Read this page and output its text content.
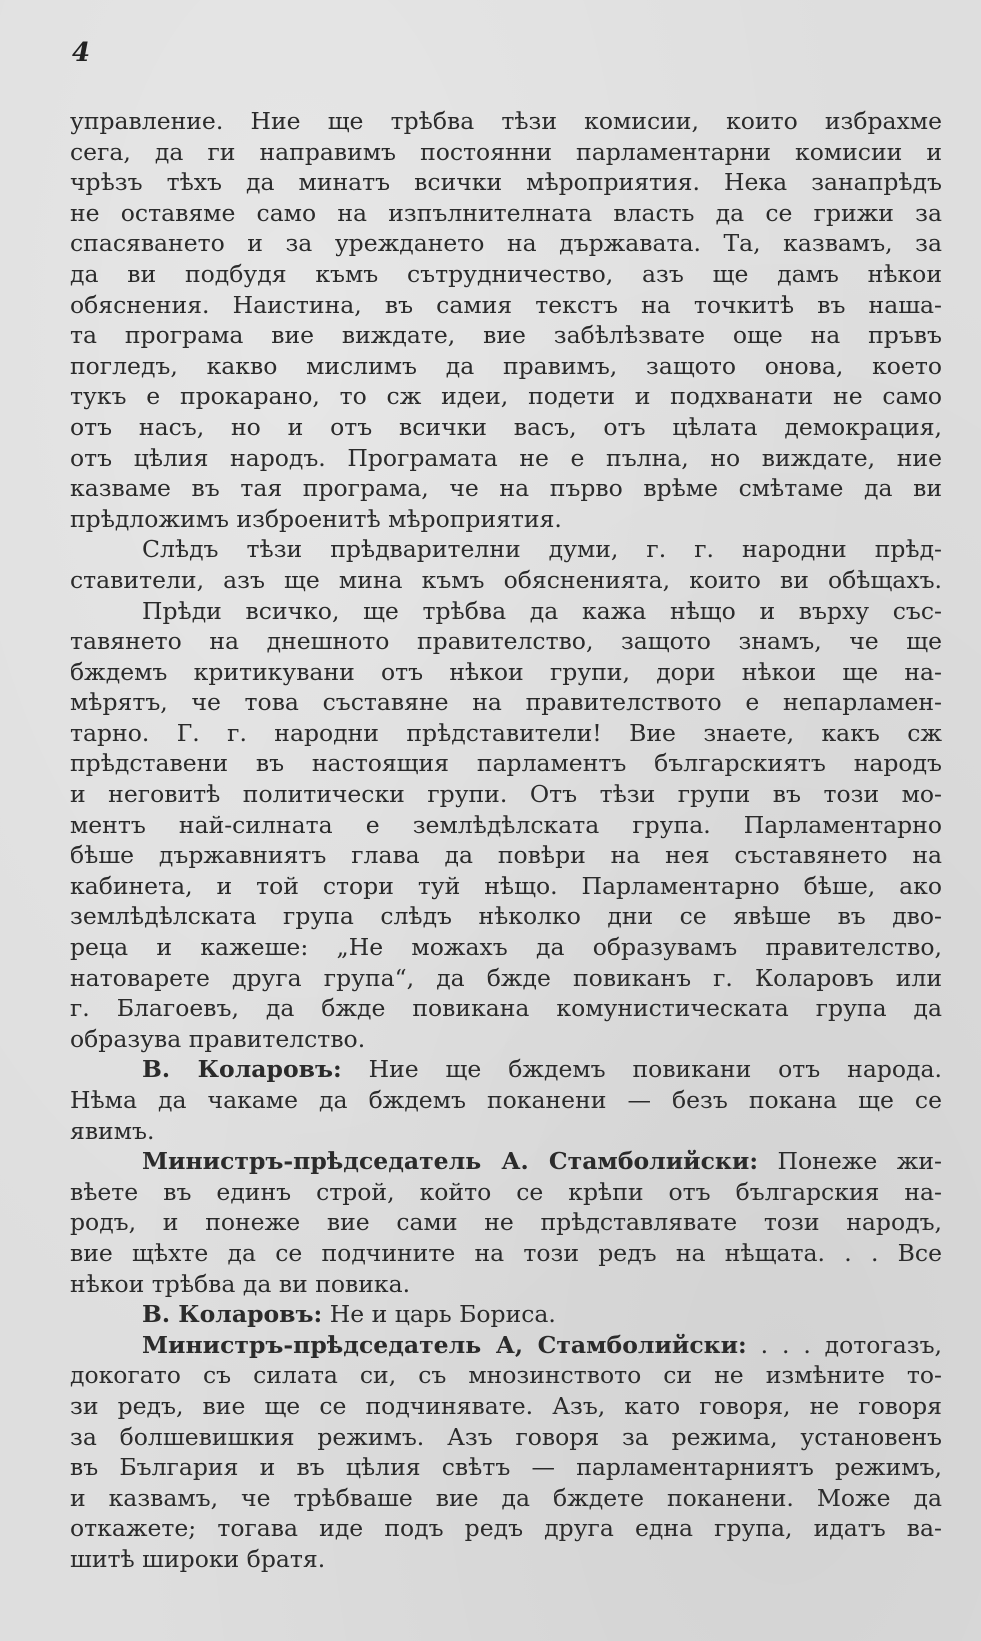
4
управление. Ние ще трѣбва тѣзи комисии, които избрахме
сега, да ги направимъ постоянни парламентарни комисии и
чрѣзъ тѣхъ да минатъ всички мѣроприятия. Нека занапрѣдъ
не оставяме само на изпълнителната власть да се грижи за
спасяването и за уреждането на държавата. Та, казвамъ, за
да ви подбудя къмъ сътрудничество, азъ ще дамъ нѣкои
обяснения. Наистина, въ самия текстъ на точкитѣ въ наша-
та програма вие виждате, вие забѣлѣзвате още на пръвъ
погледъ, какво мислимъ да правимъ, защото онова, което
тукъ е прокарано, то сж идеи, подети и подхванати не само
отъ насъ, но и отъ всички васъ, отъ цѣлата демокрация,
отъ цѣлия народъ. Програмата не е пълна, но виждате, ние
казваме въ тая програма, че на първо врѣме смѣтаме да ви
прѣдложимъ изброенитѣ мѣроприятия.
Слѣдъ тѣзи прѣдварителни думи, г. г. народни прѣд-
ставители, азъ ще мина къмъ обясненията, които ви обѣщахъ.
Прѣди всичко, ще трѣбва да кажа нѣщо и върху със-
тавянето на днешното правителство, защото знамъ, че ще
бждемъ критикувани отъ нѣкои групи, дори нѣкои ще на-
мѣрятъ, че това съставяне на правителството е непарламен-
тарно. Г. г. народни прѣдставители! Вие знаете, какъ сж
прѣдставени въ настоящия парламентъ българскиятъ народъ
и неговитѣ политически групи. Отъ тѣзи групи въ този мо-
ментъ най-силната е землѣдѣлската група. Парламентарно
бѣше държавниятъ глава да повѣри на нея съставянето на
кабинета, и той стори туй нѣщо. Парламентарно бѣше, ако
землѣдѣлската група слѣдъ нѣколко дни се явѣше въ дво-
реца и кажеше: „Не можахъ да образувамъ правителство,
натоварете друга група“, да бжде повиканъ г. Коларовъ или
г. Благоевъ, да бжде повикана комунистическата група да
образува правителство.
В. Коларовъ: Ние ще бждемъ повикани отъ народа.
Нѣма да чакаме да бждемъ поканени — безъ покана ще се
явимъ.
Министръ-прѣдседатель А. Стамболийски: Понеже жи-
вѣете въ единъ строй, който се крѣпи отъ българския на-
родъ, и понеже вие сами не прѣдставлявате този народъ,
вие щѣхте да се подчините на този редъ на нѣщата. . . Все
нѣкои трѣбва да ви повика.
В. Коларовъ: Не и царь Бориса.
Министръ-прѣдседатель А, Стамболийски: . . . дотогазъ,
докогато съ силата си, съ мнозинството си не измѣните то-
зи редъ, вие ще се подчинявате. Азъ, като говоря, не говоря
за болшевишкия режимъ. Азъ говоря за режима, установенъ
въ България и въ цѣлия свѣтъ — парламентарниятъ режимъ,
и казвамъ, че трѣбваше вие да бждете поканени. Може да
откажете; тогава иде подъ редъ друга една група, идатъ ва-
шитѣ широки братя.
